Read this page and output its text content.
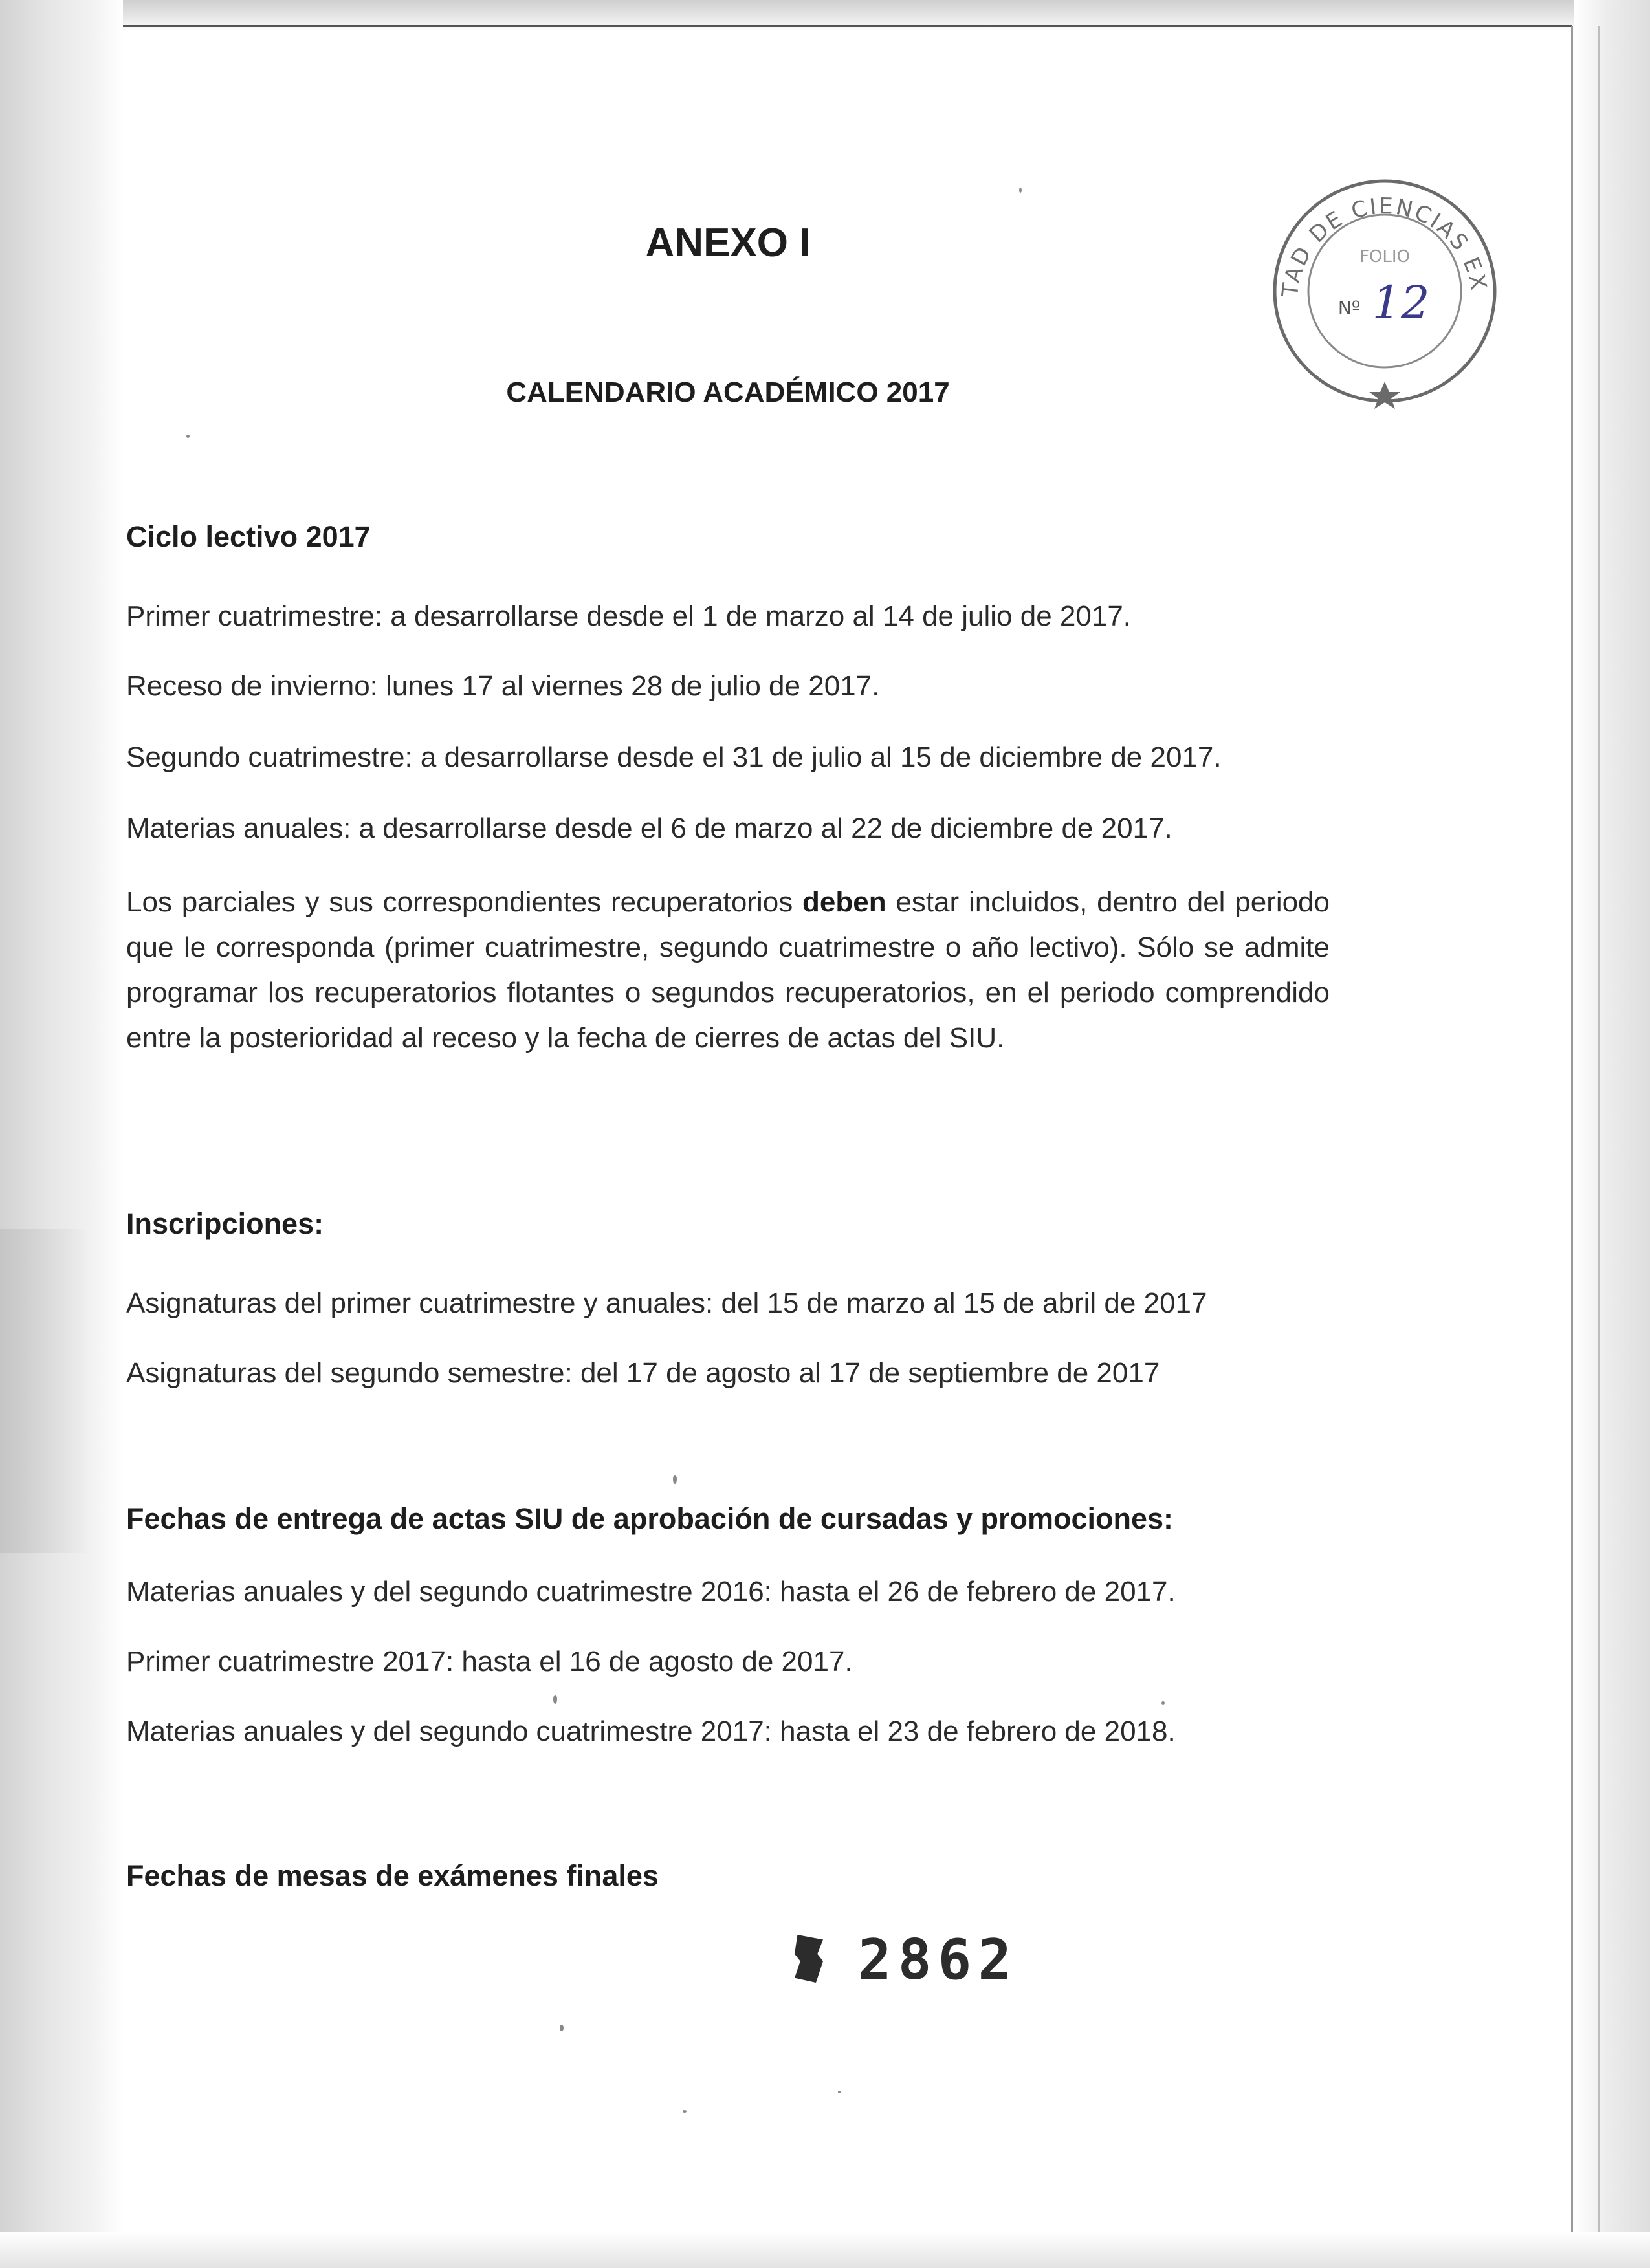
TAD DE CIENCIAS EX
FOLIO
Nº 12
ANEXO I
CALENDARIO ACADÉMICO 2017
Ciclo lectivo 2017
Primer cuatrimestre: a desarrollarse desde el 1 de marzo al 14 de julio de 2017.
Receso de invierno: lunes 17 al viernes 28 de julio de 2017.
Segundo cuatrimestre: a desarrollarse desde el 31 de julio al 15 de diciembre de 2017.
Materias anuales: a desarrollarse desde el 6 de marzo al 22 de diciembre de 2017.

Los parciales y sus correspondientes recuperatorios deben estar incluidos, dentro del periodo que le corresponda (primer cuatrimestre, segundo cuatrimestre o año lectivo). Sólo se admite programar los recuperatorios flotantes o segundos recuperatorios, en el periodo comprendido entre la posterioridad al receso y la fecha de cierres de actas del SIU.

Inscripciones:
Asignaturas del primer cuatrimestre y anuales: del 15 de marzo al 15 de abril de 2017
Asignaturas del segundo semestre: del 17 de agosto al 17 de septiembre de 2017
Fechas de entrega de actas SIU de aprobación de cursadas y promociones:
Materias anuales y del segundo cuatrimestre 2016: hasta el 26 de febrero de 2017.
Primer cuatrimestre 2017: hasta el 16 de agosto de 2017.
Materias anuales y del segundo cuatrimestre 2017: hasta el 23 de febrero de 2018.
Fechas de mesas de exámenes finales
2862
